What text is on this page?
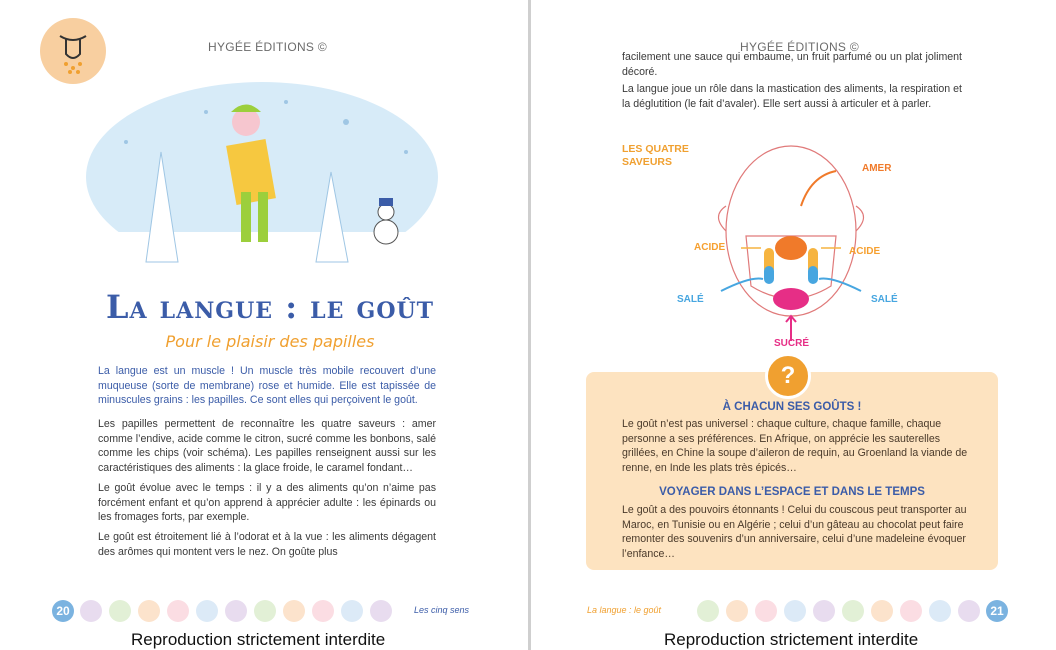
HYGÉE ÉDITIONS ©
La langue : le goût
Pour le plaisir des papilles
La langue est un muscle ! Un muscle très mobile recouvert d’une muqueuse (sorte de membrane) rose et humide. Elle est tapissée de minuscules grains : les papilles. Ce sont elles qui perçoivent le goût.
Les papilles permettent de reconnaître les quatre saveurs : amer comme l’endive, acide comme le citron, sucré comme les bonbons, salé comme les chips (voir schéma). Les papilles renseignent aussi sur les caractéristiques des aliments : la glace froide, le caramel fondant…
Le goût évolue avec le temps : il y a des aliments qu’on n’aime pas forcément enfant et qu’on apprend à apprécier adulte : les épinards ou les fromages forts, par exemple.
Le goût est étroitement lié à l’odorat et à la vue : les aliments dégagent des arômes qui montent vers le nez. On goûte plus
20	Les cinq sens
Reproduction strictement interdite
HYGÉE ÉDITIONS ©
facilement une sauce qui embaume, un fruit parfumé ou un plat joliment décoré.
La langue joue un rôle dans la mastication des aliments, la respiration et la déglutition (le fait d’avaler). Elle sert aussi à articuler et à parler.
LES QUATRE SAVEURS
AMER
ACIDE	ACIDE
SALÉ	SALÉ
SUCRÉ
À CHACUN SES GOÛTS !
Le goût n’est pas universel : chaque culture, chaque famille, chaque personne a ses préférences. En Afrique, on apprécie les sauterelles grillées, en Chine la soupe d’aileron de requin, au Groenland la viande de renne, en Inde les plats très épicés…
VOYAGER DANS L’ESPACE ET DANS LE TEMPS
Le goût a des pouvoirs étonnants ! Celui du couscous peut transporter au Maroc, en Tunisie ou en Algérie ; celui d’un gâteau au chocolat peut faire remonter des souvenirs d’un anniversaire, celui d’une madeleine évoquer l’enfance…
?
La langue : le goût	21
Reproduction strictement interdite
